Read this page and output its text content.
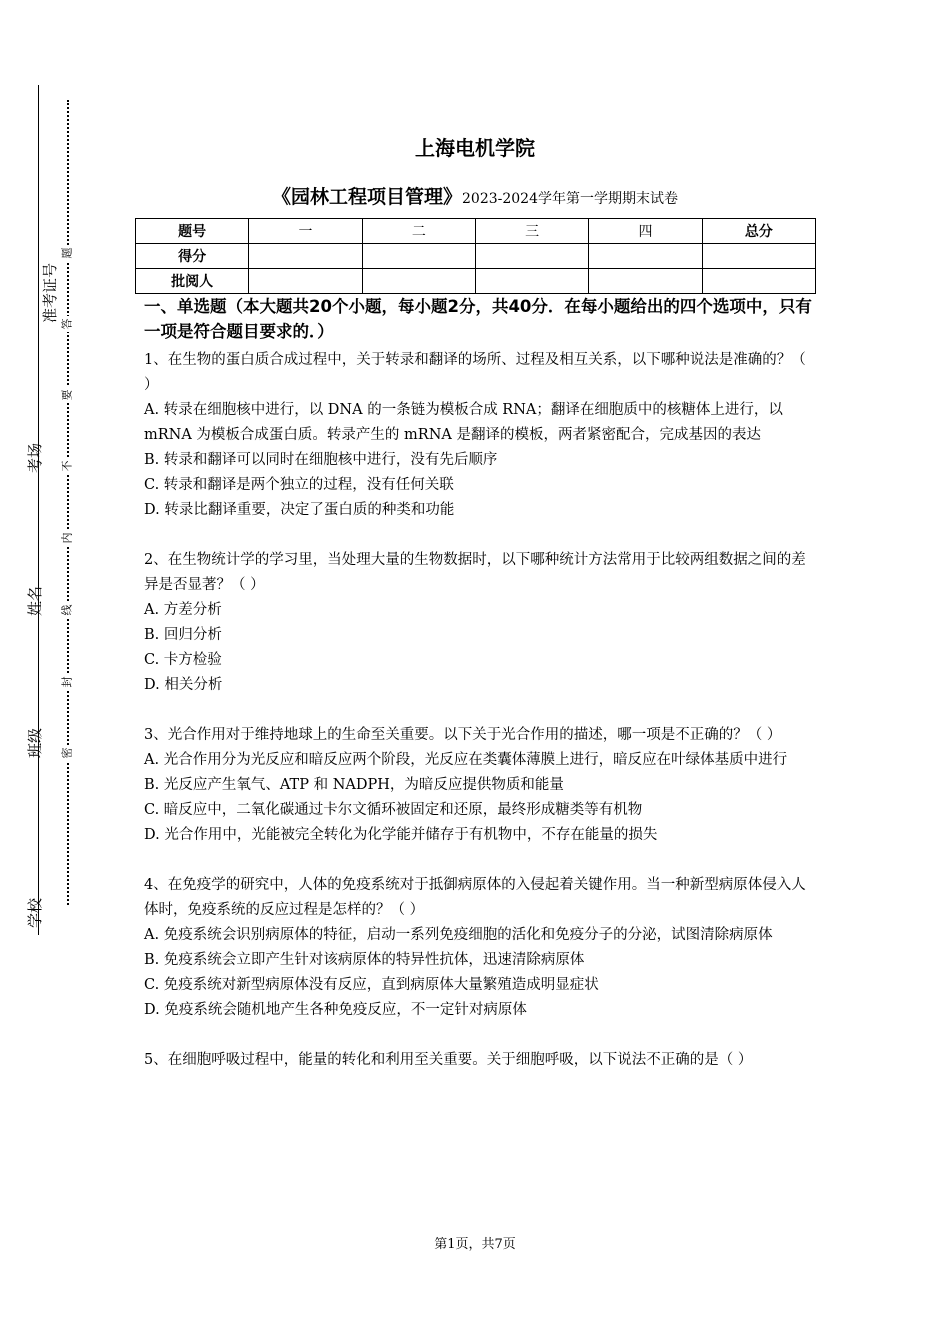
准考证号
考场
姓名
班级
学校
题
答
要
不
内
线
封
密
上海电机学院
《园林工程项目管理》2023-2024学年第一学期期末试卷
题号	一	二	三	四	总分
得分					
批阅人					
一、单选题（本大题共20个小题，每小题2分，共40分．在每小题给出的四个选项中，只有一项是符合题目要求的．）
1、在生物的蛋白质合成过程中，关于转录和翻译的场所、过程及相互关系，以下哪种说法是准确的？（ ）
A. 转录在细胞核中进行，以 DNA 的一条链为模板合成 RNA；翻译在细胞质中的核糖体上进行，以 mRNA 为模板合成蛋白质。转录产生的 mRNA 是翻译的模板，两者紧密配合，完成基因的表达
B. 转录和翻译可以同时在细胞核中进行，没有先后顺序
C. 转录和翻译是两个独立的过程，没有任何关联
D. 转录比翻译重要，决定了蛋白质的种类和功能
2、在生物统计学的学习里，当处理大量的生物数据时，以下哪种统计方法常用于比较两组数据之间的差异是否显著？（ ）
A. 方差分析
B. 回归分析
C. 卡方检验
D. 相关分析
3、光合作用对于维持地球上的生命至关重要。以下关于光合作用的描述，哪一项是不正确的？（ ）
A. 光合作用分为光反应和暗反应两个阶段，光反应在类囊体薄膜上进行，暗反应在叶绿体基质中进行
B. 光反应产生氧气、ATP 和 NADPH，为暗反应提供物质和能量
C. 暗反应中，二氧化碳通过卡尔文循环被固定和还原，最终形成糖类等有机物
D. 光合作用中，光能被完全转化为化学能并储存于有机物中，不存在能量的损失
4、在免疫学的研究中，人体的免疫系统对于抵御病原体的入侵起着关键作用。当一种新型病原体侵入人体时，免疫系统的反应过程是怎样的？（ ）
A. 免疫系统会识别病原体的特征，启动一系列免疫细胞的活化和免疫分子的分泌，试图清除病原体
B. 免疫系统会立即产生针对该病原体的特异性抗体，迅速清除病原体
C. 免疫系统对新型病原体没有反应，直到病原体大量繁殖造成明显症状
D. 免疫系统会随机地产生各种免疫反应，不一定针对病原体
5、在细胞呼吸过程中，能量的转化和利用至关重要。关于细胞呼吸，以下说法不正确的是（ ）
第1页，共7页
